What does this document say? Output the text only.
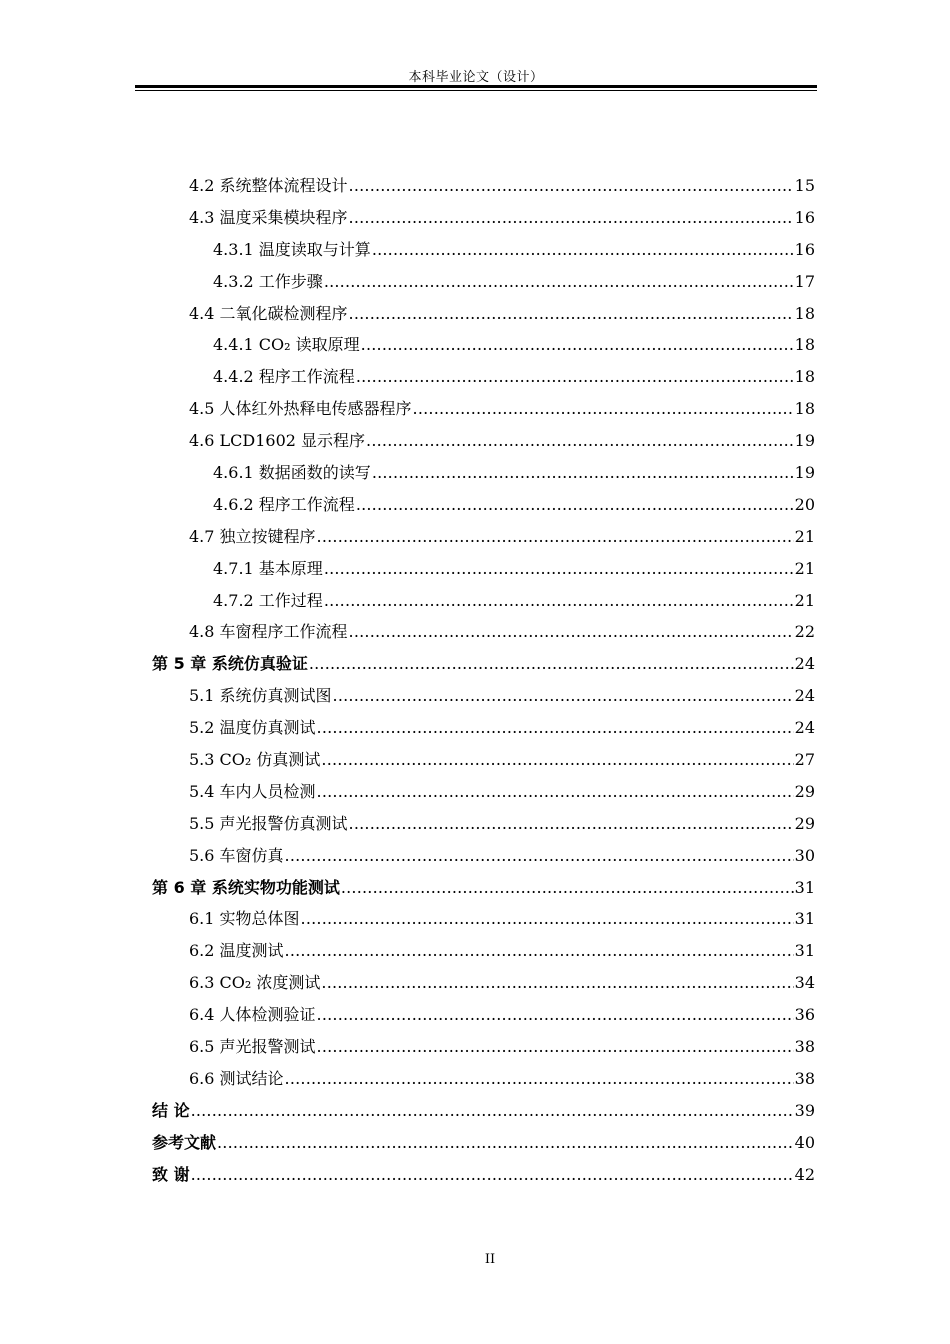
本科毕业论文（设计）
4.2 系统整体流程设计 .....	15
4.3 温度采集模块程序 .....	16
4.3.1 温度读取与计算 .....	16
4.3.2 工作步骤 .....	17
4.4 二氧化碳检测程序 .....	18
4.4.1 CO₂ 读取原理 .....	18
4.4.2 程序工作流程 .....	18
4.5 人体红外热释电传感器程序 .....	18
4.6 LCD1602 显示程序 .....	19
4.6.1 数据函数的读写 .....	19
4.6.2 程序工作流程 .....	20
4.7 独立按键程序 .....	21
4.7.1 基本原理 .....	21
4.7.2 工作过程 .....	21
4.8 车窗程序工作流程 .....	22
第 5 章 系统仿真验证 .....	24
5.1 系统仿真测试图 .....	24
5.2 温度仿真测试 .....	24
5.3 CO₂ 仿真测试 .....	27
5.4 车内人员检测 .....	29
5.5 声光报警仿真测试 .....	29
5.6 车窗仿真 .....	30
第 6 章 系统实物功能测试 .....	31
6.1 实物总体图 .....	31
6.2 温度测试 .....	31
6.3 CO₂ 浓度测试 .....	34
6.4 人体检测验证 .....	36
6.5 声光报警测试 .....	38
6.6 测试结论 .....	38
结 论 .....	39
参考文献 .....	40
致 谢 .....	42
II
